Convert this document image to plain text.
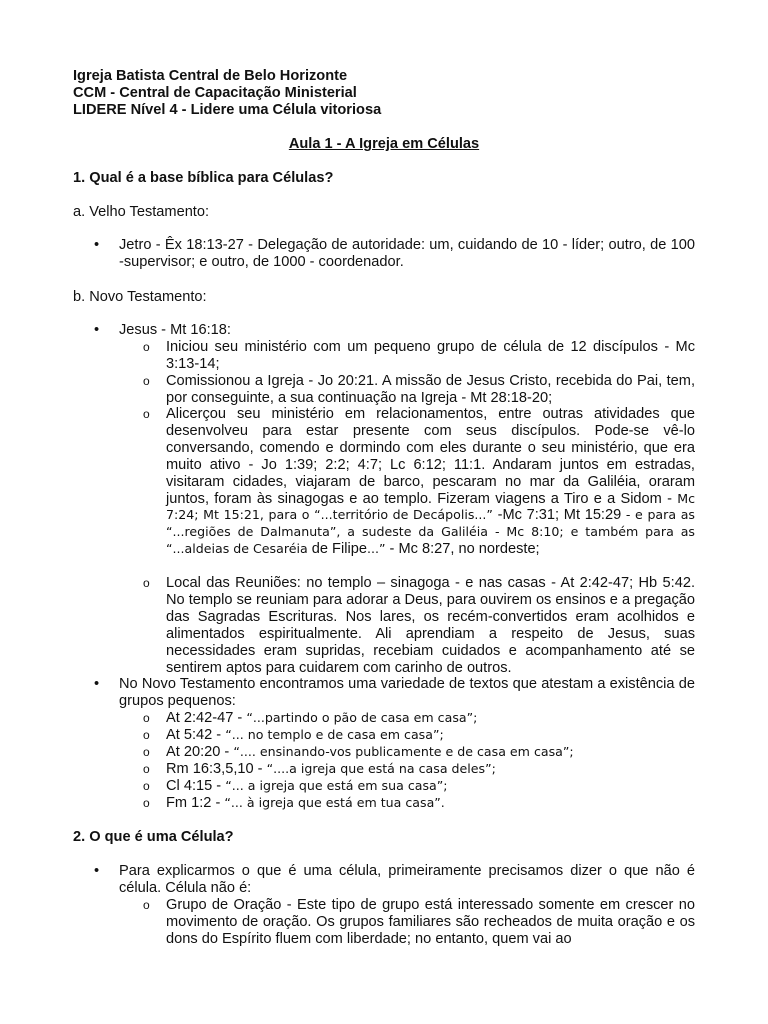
Igreja Batista Central de Belo Horizonte
CCM - Central de Capacitação Ministerial
LIDERE Nível 4 - Lidere uma Célula vitoriosa
Aula 1 - A Igreja em Células
1. Qual é a base bíblica para Células?
a. Velho Testamento:
• Jetro - Êx 18:13-27 - Delegação de autoridade: um, cuidando de 10 - líder; outro, de 100 -supervisor; e outro, de 1000 - coordenador.
b. Novo Testamento:
• Jesus - Mt 16:18:
o Iniciou seu ministério com um pequeno grupo de célula de 12 discípulos - Mc 3:13-14;
o Comissionou a Igreja - Jo 20:21. A missão de Jesus Cristo, recebida do Pai, tem, por conseguinte, a sua continuação na Igreja - Mt 28:18-20;
o Alicerçou seu ministério em relacionamentos, entre outras atividades que desenvolveu para estar presente com seus discípulos. Pode-se vê-lo conversando, comendo e dormindo com eles durante o seu ministério, que era muito ativo - Jo 1:39; 2:2; 4:7; Lc 6:12; 11:1. Andaram juntos em estradas, visitaram cidades, viajaram de barco, pescaram no mar da Galiléia, oraram juntos, foram às sinagogas e ao templo. Fizeram viagens a Tiro e a Sidom - Mc 7:24; Mt 15:21, para o “...território de Decápolis...” -Mc 7:31; Mt 15:29 - e para as “...regiões de Dalmanuta”, a sudeste da Galiléia - Mc 8:10; e também para as “...aldeias de Cesaréia de Filipe...” - Mc 8:27, no nordeste;
o Local das Reuniões: no templo – sinagoga - e nas casas - At 2:42-47; Hb 5:42. No templo se reuniam para adorar a Deus, para ouvirem os ensinos e a pregação das Sagradas Escrituras. Nos lares, os recém-convertidos eram acolhidos e alimentados espiritualmente. Ali aprendiam a respeito de Jesus, suas necessidades eram supridas, recebiam cuidados e acompanhamento até se sentirem aptos para cuidarem com carinho de outros.
• No Novo Testamento encontramos uma variedade de textos que atestam a existência de grupos pequenos:
o At 2:42-47 - “...partindo o pão de casa em casa”;
o At 5:42 - “... no templo e de casa em casa”;
o At 20:20 - “.... ensinando-vos publicamente e de casa em casa”;
o Rm 16:3,5,10 - “....a igreja que está na casa deles”;
o Cl 4:15 - “... a igreja que está em sua casa”;
o Fm 1:2 - “... à igreja que está em tua casa”.
2. O que é uma Célula?
• Para explicarmos o que é uma célula, primeiramente precisamos dizer o que não é célula. Célula não é:
o Grupo de Oração - Este tipo de grupo está interessado somente em crescer no movimento de oração. Os grupos familiares são recheados de muita oração e os dons do Espírito fluem com liberdade; no entanto, quem vai ao
